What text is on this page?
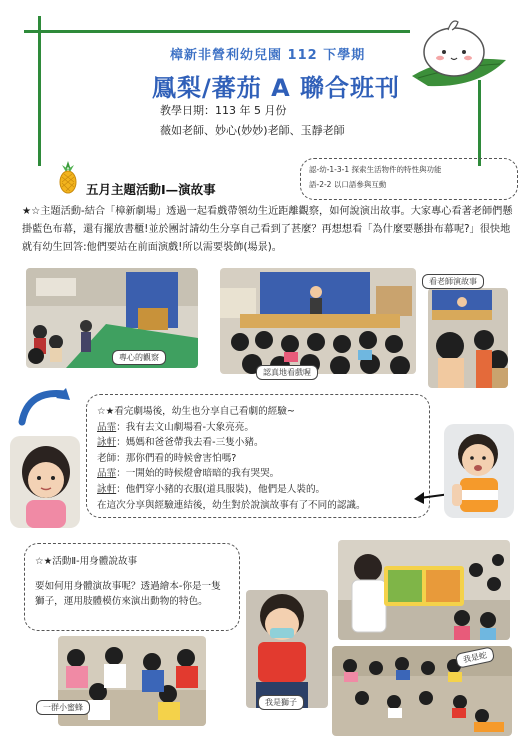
樟新非營利幼兒園 112 下學期
鳳梨/蕃茄 A 聯合班刊
教學日期：113 年 5 月份
薇如老師、妙心(妙妙)老師、玉靜老師
認-幼-1-3-1 探索生活物件的特性與功能
語-2-2 以口語參與互動
五月主題活動Ⅰ—演故事
★☆主題活動-結合「樟新劇場」透過一起看戲帶領幼生近距離觀察，如何說演出故事。大家專心看著老師們懸掛藍色布幕，還有擺放書櫃!並於團討請幼生分享自己看到了甚麼？再想想看「為什麼要懸掛布幕呢?」很快地就有幼生回答:他們要站在前面演戲!所以需要裝飾(場景)。
專心的觀察
認真地看戲喔
看老師演故事
☆★看完劇場後，幼生也分享自己看劇的經驗~
品霏：我有去文山劇場看-大象亮亮。
詠軒：媽媽和爸爸帶我去看-三隻小豬。
老師：那你們看的時候會害怕嗎?
品霏：一開始的時候燈會暗暗的我有哭哭。
詠軒：他們穿小豬的衣服(道具服裝)，他們是人裝的。
在這次分享與經驗連結後，幼生對於說演故事有了不同的認識。
☆★活動Ⅱ-用身體說故事
要如何用身體演故事呢？透過繪本-你是一隻獅子，運用肢體模仿來演出動物的特色。
我是獅子
一群小蜜蜂
我是蛇
